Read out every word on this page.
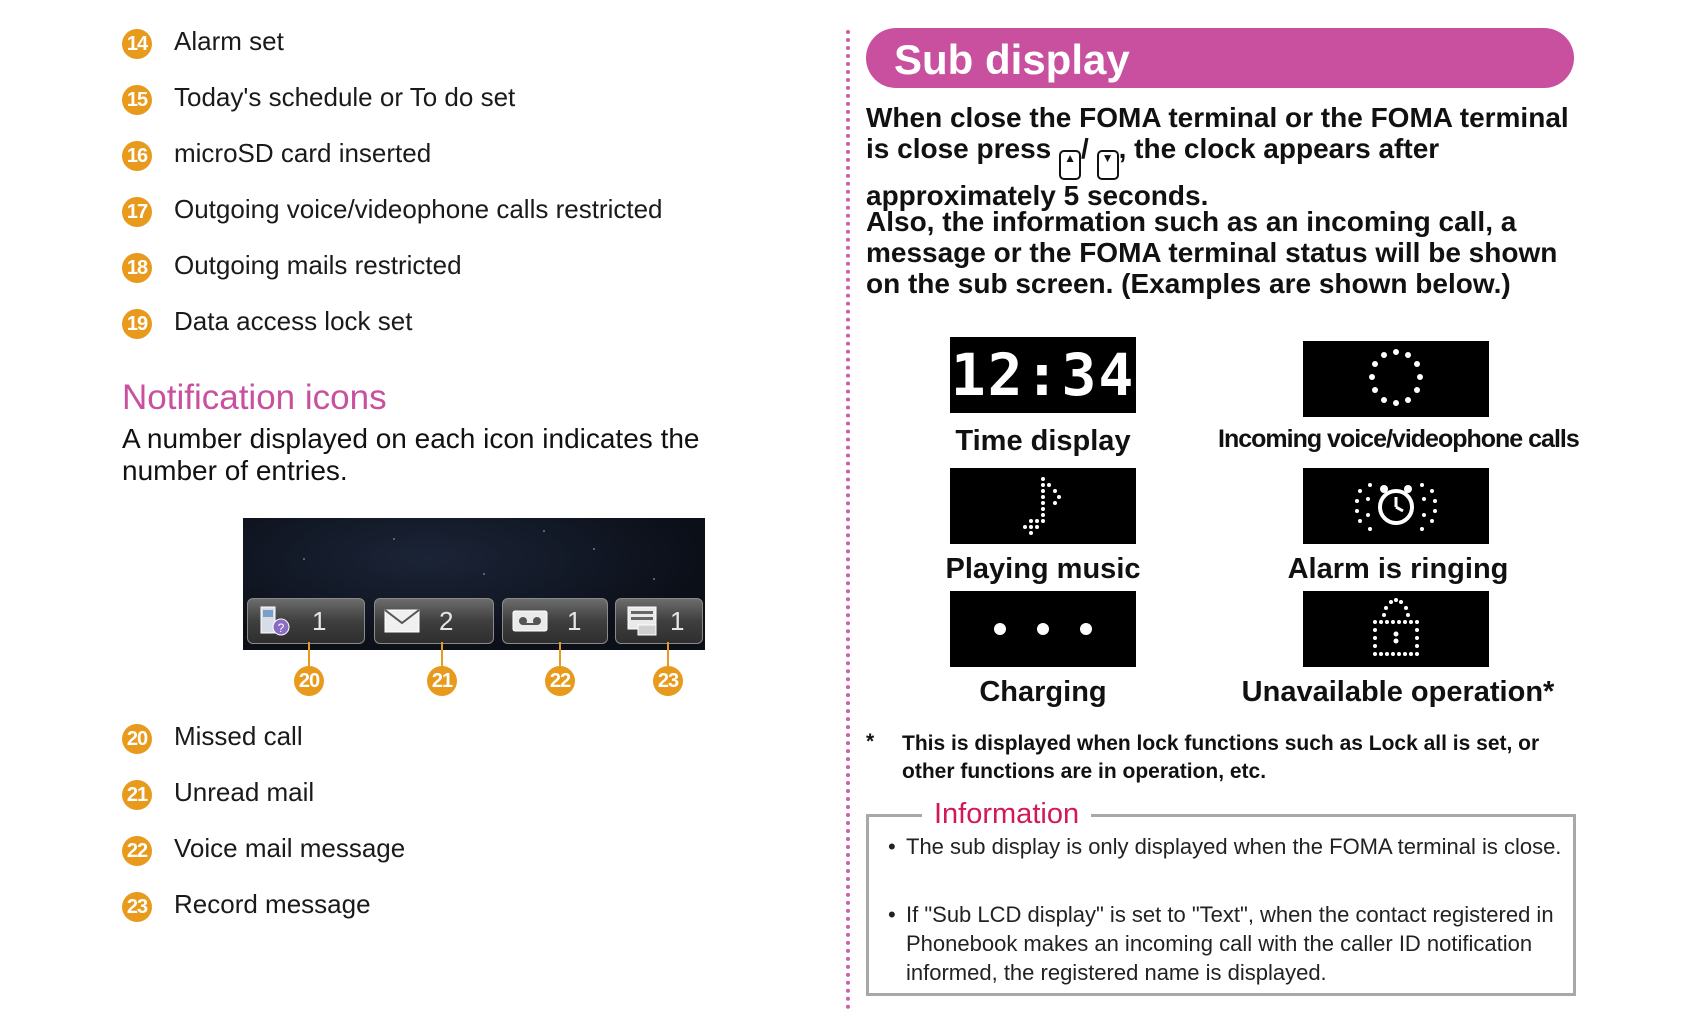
14 Alarm set
15 Today's schedule or To do set
16 microSD card inserted
17 Outgoing voice/videophone calls restricted
18 Outgoing mails restricted
19 Data access lock set
Notification icons
A number displayed on each icon indicates the number of entries.
? 1	2	1	1
20	21	22	23
20 Missed call
21 Unread mail
22 Voice mail message
23 Record message
Sub display
When close the FOMA terminal or the FOMA terminal is close press ▲ / ▼ , the clock appears after approximately 5 seconds.
Also, the information such as an incoming call, a message or the FOMA terminal status will be shown on the sub screen. (Examples are shown below.)
12:34
Time display	Incoming voice/videophone calls
Playing music	Alarm is ringing
Charging	Unavailable operation*
* This is displayed when lock functions such as Lock all is set, or other functions are in operation, etc.
Information
• The sub display is only displayed when the FOMA terminal is close.
• If "Sub LCD display" is set to "Text", when the contact registered in Phonebook makes an incoming call with the caller ID notification informed, the registered name is displayed.
